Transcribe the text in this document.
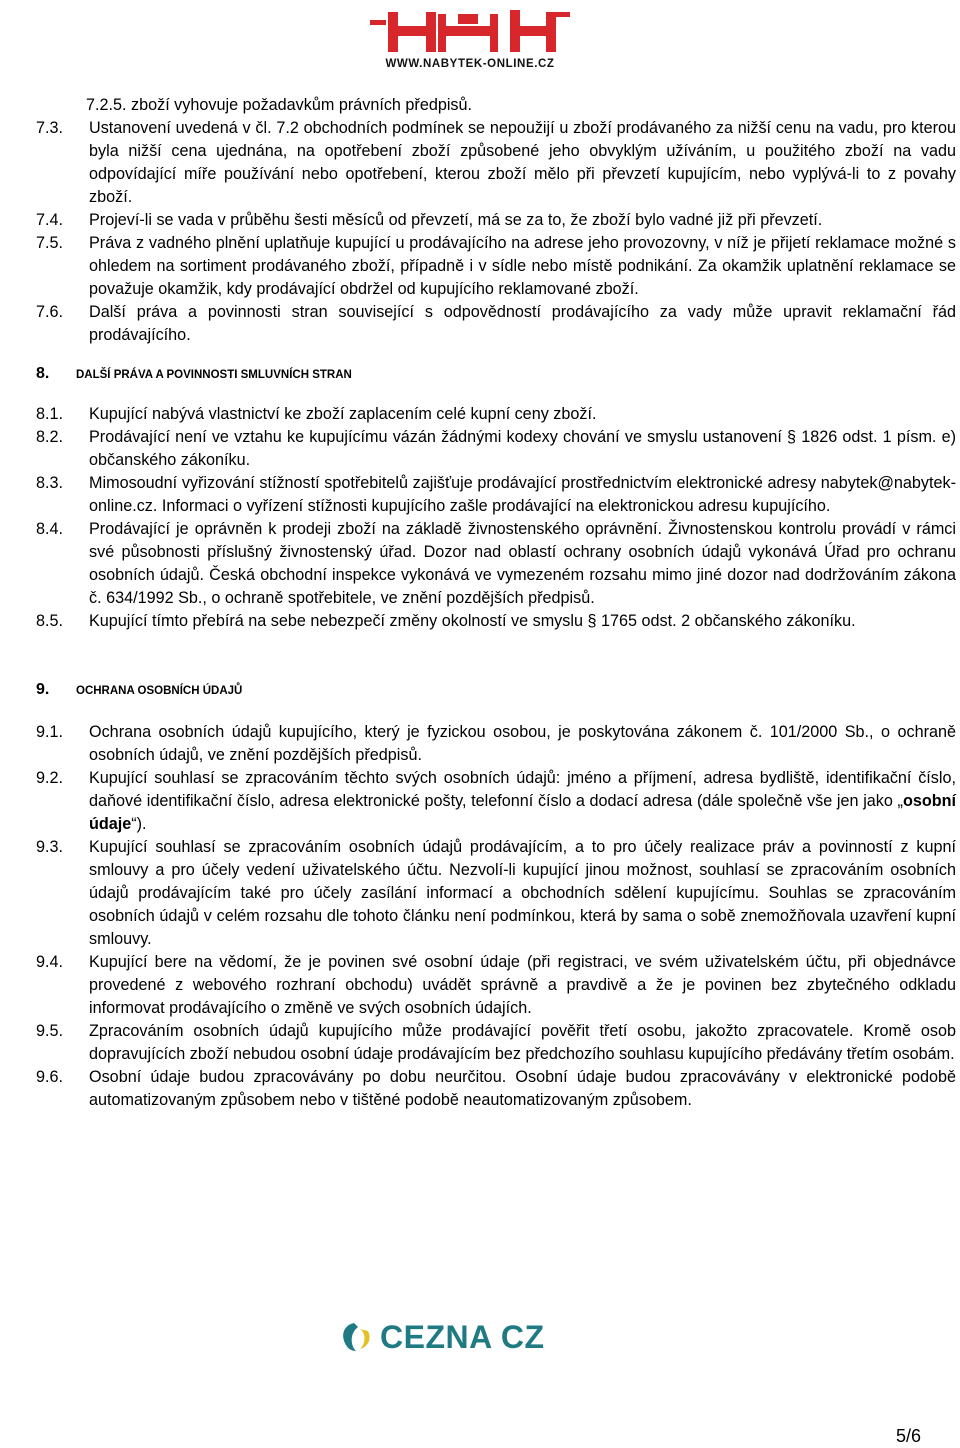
WWW.NABYTEK-ONLINE.CZ
7.2.5. zboží vyhovuje požadavkům právních předpisů.
7.3.	Ustanovení uvedená v čl. 7.2 obchodních podmínek se nepoužijí u zboží prodávaného za nižší cenu na vadu, pro kterou byla nižší cena ujednána, na opotřebení zboží způsobené jeho obvyklým užíváním, u použitého zboží na vadu odpovídající míře používání nebo opotřebení, kterou zboží mělo při převzetí kupujícím, nebo vyplývá-li to z povahy zboží.
7.4.	Projeví-li se vada v průběhu šesti měsíců od převzetí, má se za to, že zboží bylo vadné již při převzetí.
7.5.	Práva z vadného plnění uplatňuje kupující u prodávajícího na adrese jeho provozovny, v níž je přijetí reklamace možné s ohledem na sortiment prodávaného zboží, případně i v sídle nebo místě podnikání. Za okamžik uplatnění reklamace se považuje okamžik, kdy prodávající obdržel od kupujícího reklamované zboží.
7.6.	Další práva a povinnosti stran související s odpovědností prodávajícího za vady může upravit reklamační řád prodávajícího.
8.	DALŠÍ PRÁVA A POVINNOSTI SMLUVNÍCH STRAN
8.1.	Kupující nabývá vlastnictví ke zboží zaplacením celé kupní ceny zboží.
8.2.	Prodávající není ve vztahu ke kupujícímu vázán žádnými kodexy chování ve smyslu ustanovení § 1826 odst. 1 písm. e) občanského zákoníku.
8.3.	Mimosoudní vyřizování stížností spotřebitelů zajišťuje prodávající prostřednictvím elektronické adresy nabytek@nabytek-online.cz. Informaci o vyřízení stížnosti kupujícího zašle prodávající na elektronickou adresu kupujícího.
8.4.	Prodávající je oprávněn k prodeji zboží na základě živnostenského oprávnění. Živnostenskou kontrolu provádí v rámci své působnosti příslušný živnostenský úřad. Dozor nad oblastí ochrany osobních údajů vykonává Úřad pro ochranu osobních údajů. Česká obchodní inspekce vykonává ve vymezeném rozsahu mimo jiné dozor nad dodržováním zákona č. 634/1992 Sb., o ochraně spotřebitele, ve znění pozdějších předpisů.
8.5.	Kupující tímto přebírá na sebe nebezpečí změny okolností ve smyslu § 1765 odst. 2 občanského zákoníku.
9.	OCHRANA OSOBNÍCH ÚDAJŮ
9.1.	Ochrana osobních údajů kupujícího, který je fyzickou osobou, je poskytována zákonem č. 101/2000 Sb., o ochraně osobních údajů, ve znění pozdějších předpisů.
9.2.	Kupující souhlasí se zpracováním těchto svých osobních údajů: jméno a příjmení, adresa bydliště, identifikační číslo, daňové identifikační číslo, adresa elektronické pošty, telefonní číslo a dodací adresa (dále společně vše jen jako „osobní údaje“).
9.3.	Kupující souhlasí se zpracováním osobních údajů prodávajícím, a to pro účely realizace práv a povinností z kupní smlouvy a pro účely vedení uživatelského účtu. Nezvolí-li kupující jinou možnost, souhlasí se zpracováním osobních údajů prodávajícím také pro účely zasílání informací a obchodních sdělení kupujícímu. Souhlas se zpracováním osobních údajů v celém rozsahu dle tohoto článku není podmínkou, která by sama o sobě znemožňovala uzavření kupní smlouvy.
9.4.	Kupující bere na vědomí, že je povinen své osobní údaje (při registraci, ve svém uživatelském účtu, při objednávce provedené z webového rozhraní obchodu) uvádět správně a pravdivě a že je povinen bez zbytečného odkladu informovat prodávajícího o změně ve svých osobních údajích.
9.5.	Zpracováním osobních údajů kupujícího může prodávající pověřit třetí osobu, jakožto zpracovatele. Kromě osob dopravujících zboží nebudou osobní údaje prodávajícím bez předchozího souhlasu kupujícího předávány třetím osobám.
9.6.	Osobní údaje budou zpracovávány po dobu neurčitou. Osobní údaje budou zpracovávány v elektronické podobě automatizovaným způsobem nebo v tištěné podobě neautomatizovaným způsobem.
CEZNA CZ
5/6
